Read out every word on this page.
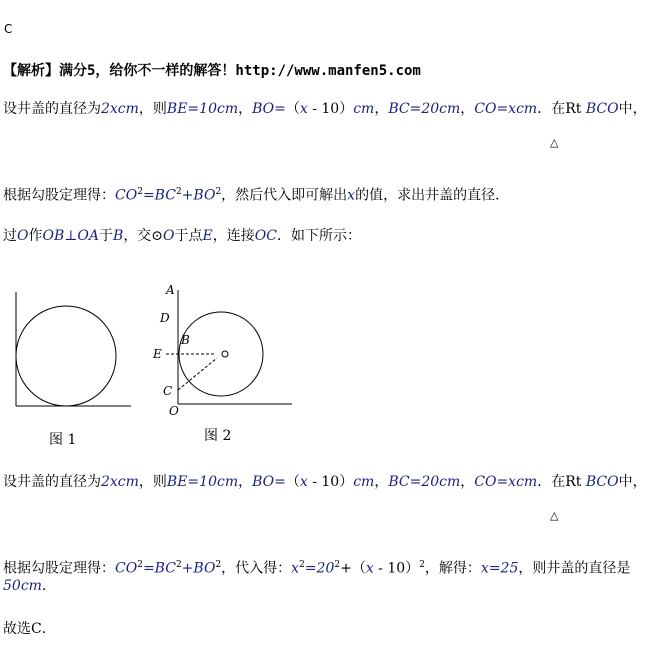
C
【解析】满分5，给你不一样的解答！http://www.manfen5.com
设井盖的直径为2xcm，则BE=10cm，BO=（x - 10）cm，BC=20cm，CO=xcm．在Rt BCO中，
△
根据勾股定理得：$CO^2=BC^2+BO^2$，然后代入即可解出x的值，求出井盖的直径．
过O作OB⊥OA于B，交⊙O于点E，连接OC．如下所示：
图 1
A
D
B
E
C
O
图 2
设井盖的直径为2xcm，则BE=10cm，BO=（x - 10）cm，BC=20cm，CO=xcm．在Rt BCO中，
△
根据勾股定理得：$CO^2=BC^2+BO^2$，代入得：$x^2=20^2+(x - 10)^2$，解得：x=25，则井盖的直径是
50cm．
故选C．
